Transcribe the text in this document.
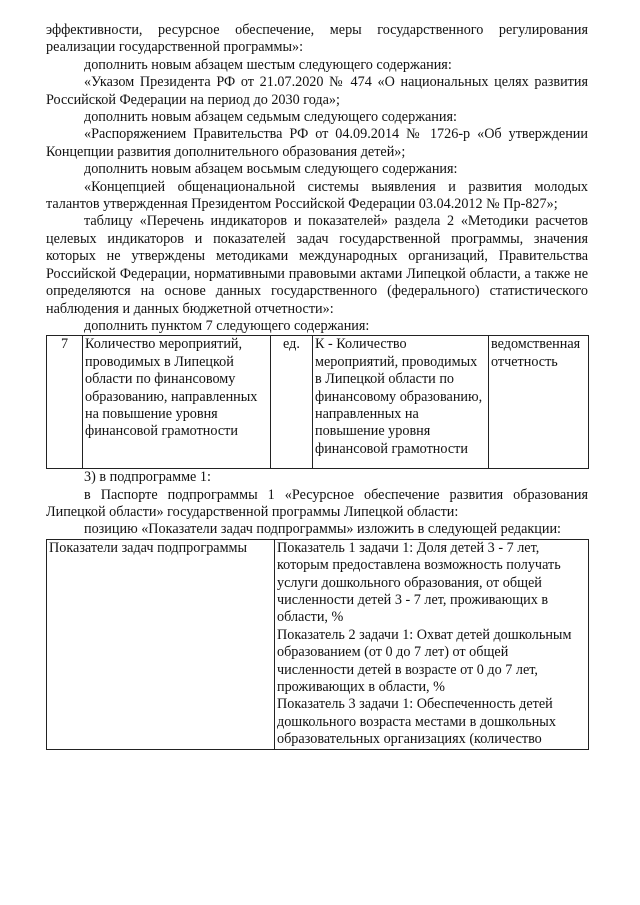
эффективности, ресурсное обеспечение, меры государственного регулирования реализации государственной программы»:

дополнить новым абзацем шестым следующего содержания:

«Указом Президента РФ от 21.07.2020 № 474 «О национальных целях развития Российской Федерации на период до 2030 года»;

дополнить новым абзацем седьмым следующего содержания:

«Распоряжением Правительства РФ от 04.09.2014 № 1726-р «Об утверждении Концепции развития дополнительного образования детей»;

дополнить новым абзацем восьмым следующего содержания:

«Концепцией общенациональной системы выявления и развития молодых талантов утвержденная Президентом Российской Федерации 03.04.2012 № Пр-827»;

таблицу «Перечень индикаторов и показателей» раздела 2 «Методики расчетов целевых индикаторов и показателей задач государственной программы, значения которых не утверждены методиками международных организаций, Правительства Российской Федерации, нормативными правовыми актами Липецкой области, а также не определяются на основе данных государственного (федерального) статистического наблюдения и данных бюджетной отчетности»:

дополнить пунктом 7 следующего содержания:

7	Количество мероприятий, проводимых в Липецкой области по финансовому образованию, направленных на повышение уровня финансовой грамотности	ед.	К - Количество мероприятий, проводимых в Липецкой области по финансовому образованию, направленных на повышение уровня финансовой грамотности	ведомственная отчетность

3) в подпрограмме 1:

в Паспорте подпрограммы 1 «Ресурсное обеспечение развития образования Липецкой области» государственной программы Липецкой области:

позицию «Показатели задач подпрограммы» изложить в следующей редакции:

Показатели задач подпрограммы	Показатель 1 задачи 1: Доля детей 3 - 7 лет, которым предоставлена возможность получать услуги дошкольного образования, от общей численности детей 3 - 7 лет, проживающих в области, %
Показатель 2 задачи 1: Охват детей дошкольным образованием (от 0 до 7 лет) от общей численности детей в возрасте от 0 до 7 лет, проживающих в области, %
Показатель 3 задачи 1: Обеспеченность детей дошкольного возраста местами в дошкольных образовательных организациях (количество
